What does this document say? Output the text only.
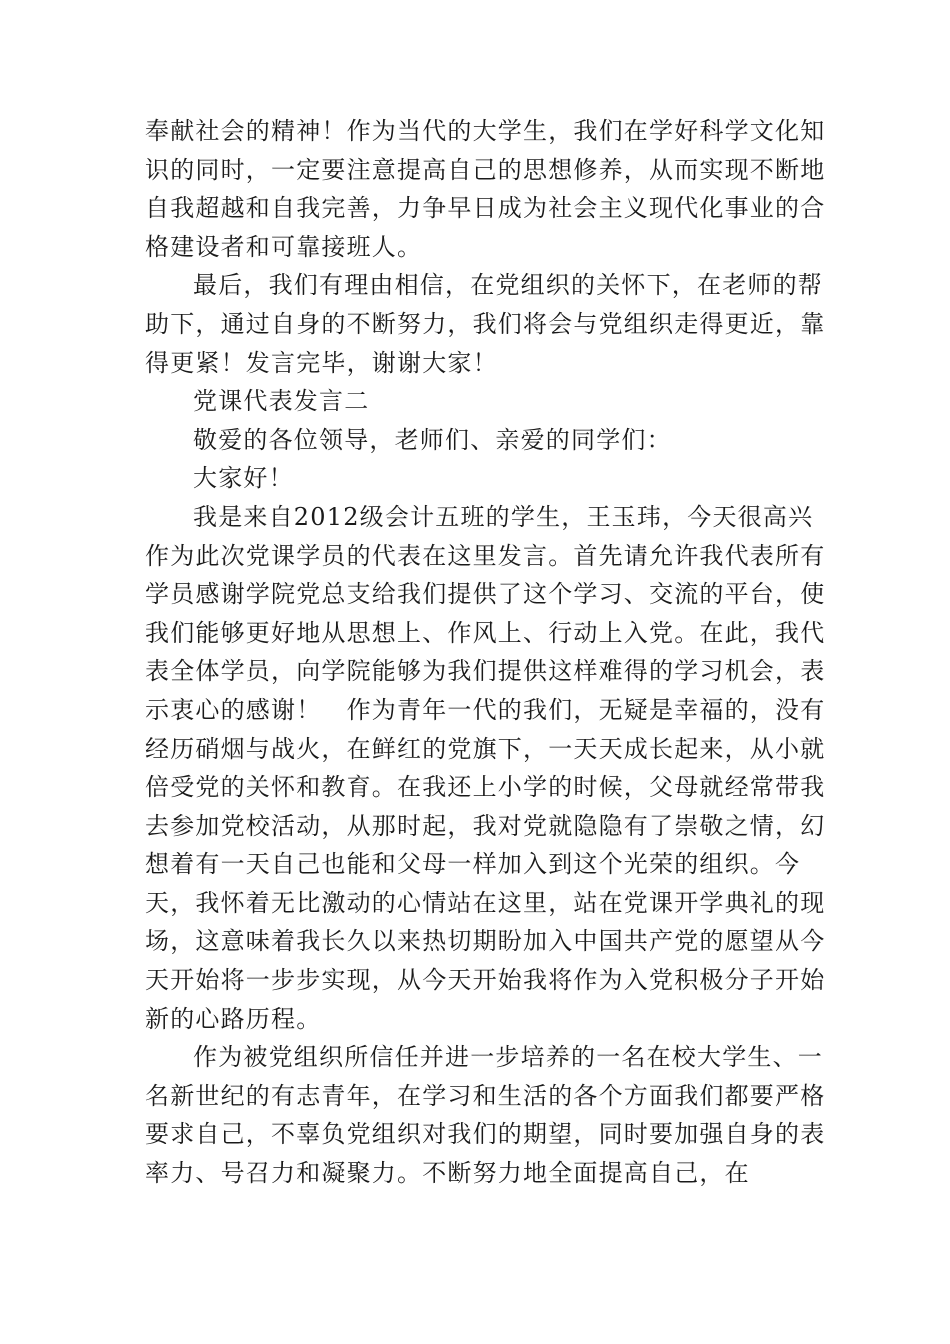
奉献社会的精神！作为当代的大学生，我们在学好科学文化知识的同时，一定要注意提高自己的思想修养，从而实现不断地自我超越和自我完善，力争早日成为社会主义现代化事业的合格建设者和可靠接班人。

最后，我们有理由相信，在党组织的关怀下，在老师的帮助下，通过自身的不断努力，我们将会与党组织走得更近，靠得更紧！发言完毕，谢谢大家！

党课代表发言二

敬爱的各位领导，老师们、亲爱的同学们：

大家好！

我是来自2012级会计五班的学生，王玉玮，今天很高兴作为此次党课学员的代表在这里发言。首先请允许我代表所有学员感谢学院党总支给我们提供了这个学习、交流的平台，使我们能够更好地从思想上、作风上、行动上入党。在此，我代表全体学员，向学院能够为我们提供这样难得的学习机会，表示衷心的感谢！　作为青年一代的我们，无疑是幸福的，没有经历硝烟与战火，在鲜红的党旗下，一天天成长起来，从小就倍受党的关怀和教育。在我还上小学的时候，父母就经常带我去参加党校活动，从那时起，我对党就隐隐有了崇敬之情，幻想着有一天自己也能和父母一样加入到这个光荣的组织。今天，我怀着无比激动的心情站在这里，站在党课开学典礼的现场，这意味着我长久以来热切期盼加入中国共产党的愿望从今天开始将一步步实现，从今天开始我将作为入党积极分子开始新的心路历程。

作为被党组织所信任并进一步培养的一名在校大学生、一名新世纪的有志青年，在学习和生活的各个方面我们都要严格要求自己，不辜负党组织对我们的期望，同时要加强自身的表率力、号召力和凝聚力。不断努力地全面提高自己，在
